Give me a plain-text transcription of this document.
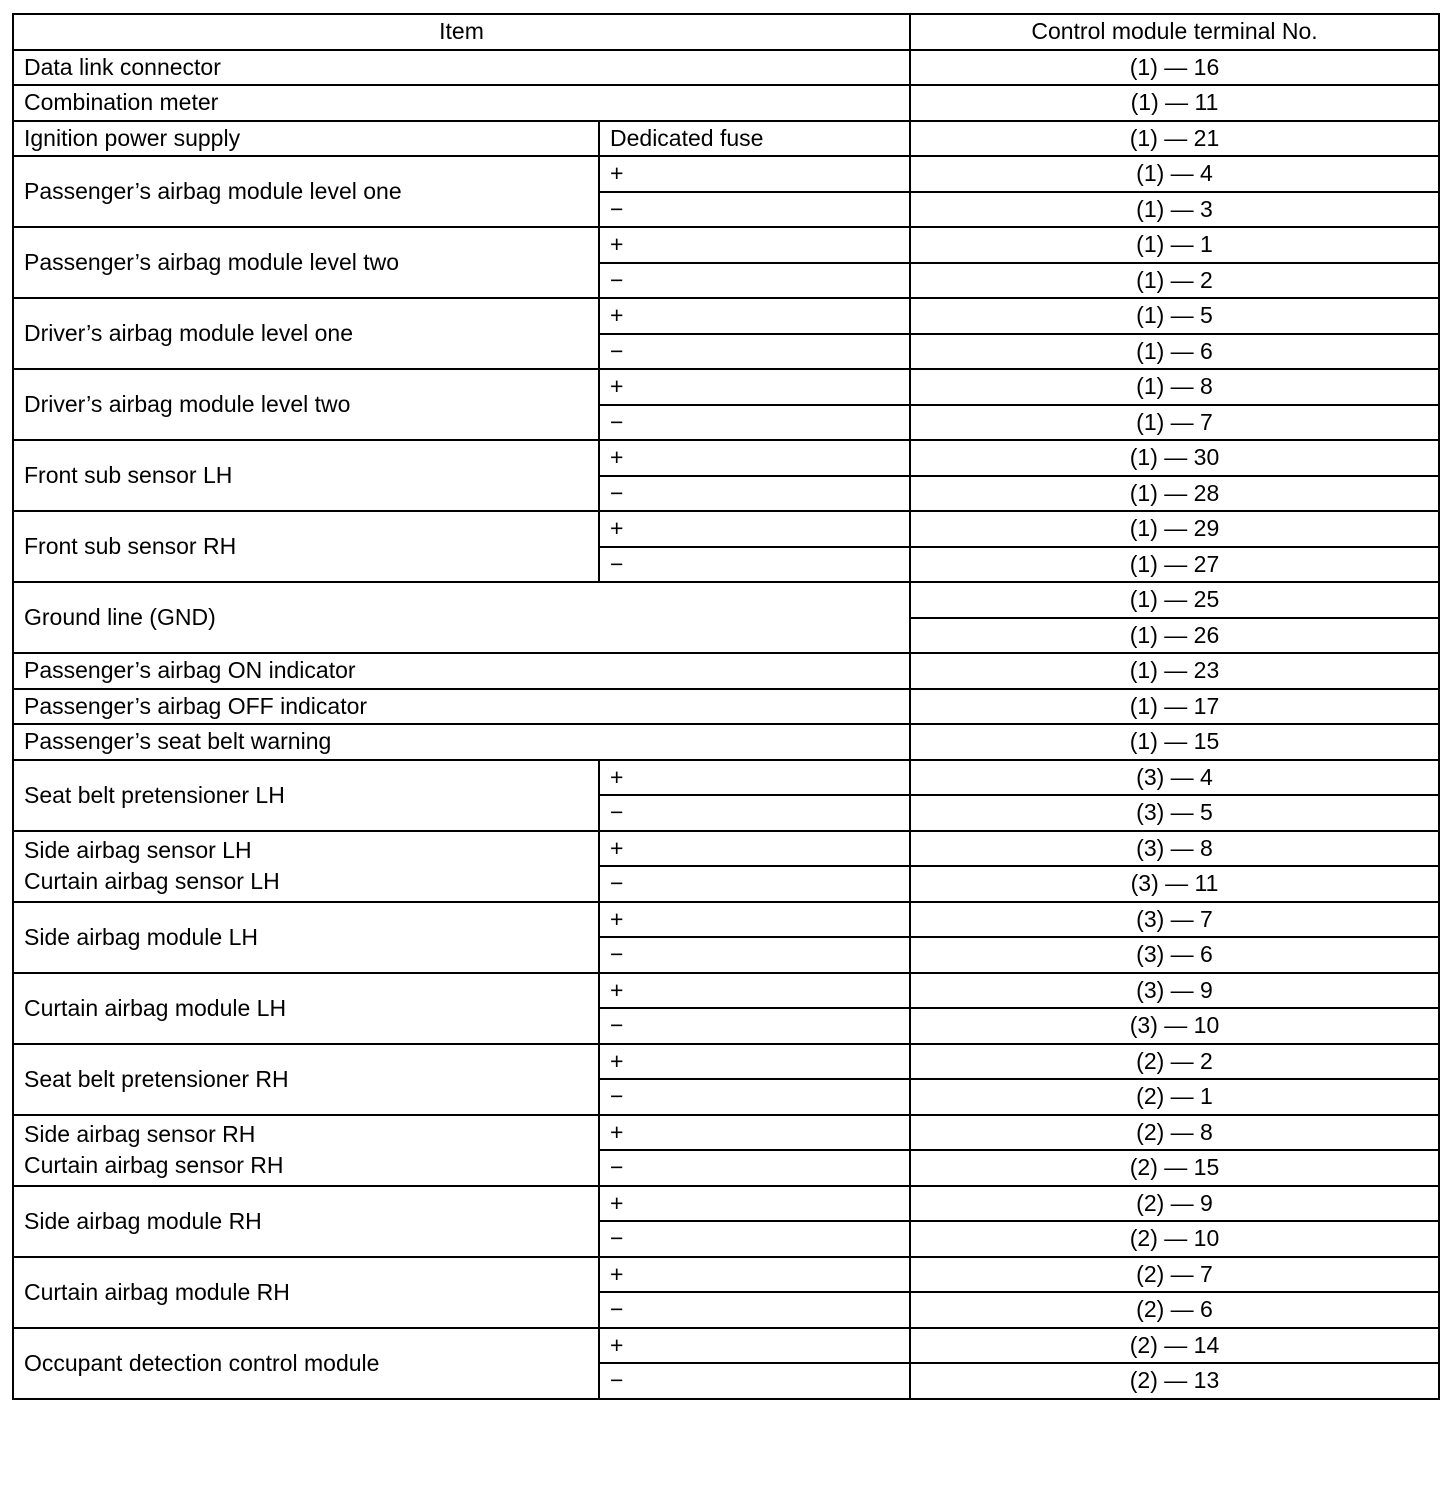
Item		Control module terminal No.
Data link connector		(1) — 16
Combination meter		(1) — 11
Ignition power supply	Dedicated fuse	(1) — 21
Passenger’s airbag module level one	+	(1) — 4
	−	(1) — 3
Passenger’s airbag module level two	+	(1) — 1
	−	(1) — 2
Driver’s airbag module level one	+	(1) — 5
	−	(1) — 6
Driver’s airbag module level two	+	(1) — 8
	−	(1) — 7
Front sub sensor LH	+	(1) — 30
	−	(1) — 28
Front sub sensor RH	+	(1) — 29
	−	(1) — 27
Ground line (GND)		(1) — 25
		(1) — 26
Passenger’s airbag ON indicator		(1) — 23
Passenger’s airbag OFF indicator		(1) — 17
Passenger’s seat belt warning		(1) — 15
Seat belt pretensioner LH	+	(3) — 4
	−	(3) — 5
Side airbag sensor LH
Curtain airbag sensor LH	+	(3) — 8
	−	(3) — 11
Side airbag module LH	+	(3) — 7
	−	(3) — 6
Curtain airbag module LH	+	(3) — 9
	−	(3) — 10
Seat belt pretensioner RH	+	(2) — 2
	−	(2) — 1
Side airbag sensor RH
Curtain airbag sensor RH	+	(2) — 8
	−	(2) — 15
Side airbag module RH	+	(2) — 9
	−	(2) — 10
Curtain airbag module RH	+	(2) — 7
	−	(2) — 6
Occupant detection control module	+	(2) — 14
	−	(2) — 13
